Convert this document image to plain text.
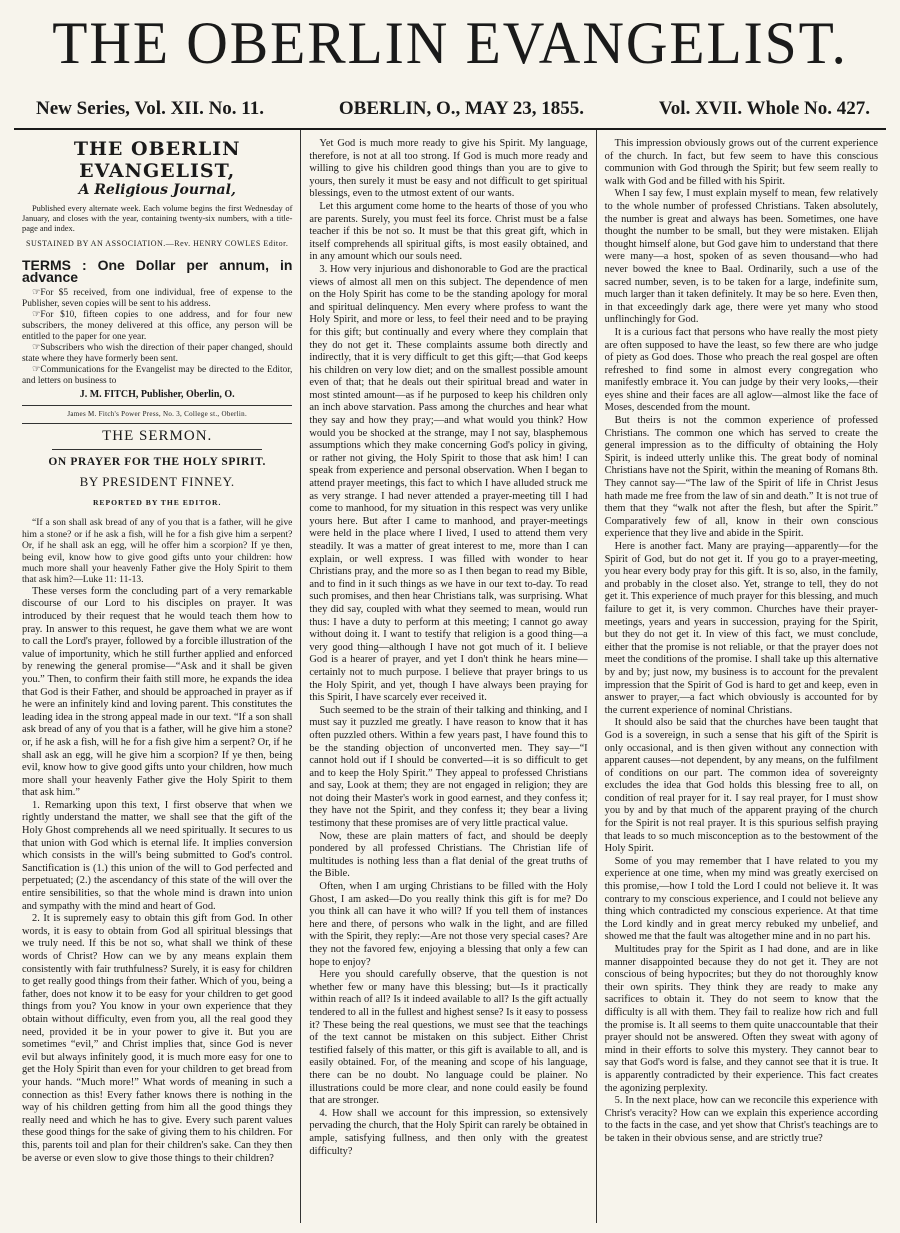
THE OBERLIN EVANGELIST.
New Series, Vol. XII. No. 11.	OBERLIN, O., MAY 23, 1855.	Vol. XVII. Whole No. 427.
THE OBERLIN EVANGELIST,
A Religious Journal,

Published every alternate week. Each volume begins the first Wednesday of January, and closes with the year, containing twenty-six numbers, with a title-page and index.

SUSTAINED BY AN ASSOCIATION.—Rev. HENRY COWLES Editor.
TERMS : One Dollar per annum, in advance

☞For $5 received, from one individual, free of expense to the Publisher, seven copies will be sent to his address.

☞For $10, fifteen copies to one address, and for four new subscribers, the money delivered at this office, any person will be entitled to the paper for one year.

☞Subscribers who wish the direction of their paper changed, should state where they have formerly been sent.

☞Communications for the Evangelist may be directed to the Editor, and letters on business to

J. M. FITCH, Publisher, Oberlin, O.
James M. Fitch's Power Press, No. 3, College st., Oberlin.
THE SERMON.
ON PRAYER FOR THE HOLY SPIRIT.
BY PRESIDENT FINNEY.
REPORTED BY THE EDITOR.

“If a son shall ask bread of any of you that is a father, will he give him a stone? or if he ask a fish, will he for a fish give him a serpent? Or, if he shall ask an egg, will he offer him a scorpion? If ye then, being evil, know how to give good gifts unto your children: how much more shall your heavenly Father give the Holy Spirit to them that ask him?—Luke 11: 11-13.

These verses form the concluding part of a very remarkable discourse of our Lord to his disciples on prayer. It was introduced by their request that he would teach them how to pray. In answer to this request, he gave them what we are wont to call the Lord's prayer, followed by a forcible illustration of the value of importunity, which he still further applied and enforced by renewing the general promise—“Ask and it shall be given you.” Then, to confirm their faith still more, he expands the idea that God is their Father, and should be approached in prayer as if he were an infinitely kind and loving parent. This constitutes the leading idea in the strong appeal made in our text. “If a son shall ask bread of any of you that is a father, will he give him a stone? or, if he ask a fish, will he for a fish give him a serpent? Or, if he shall ask an egg, will he give him a scorpion? If ye then, being evil, know how to give good gifts unto your children, how much more shall your heavenly Father give the Holy Spirit to them that ask him.”

1. Remarking upon this text, I first observe that when we rightly understand the matter, we shall see that the gift of the Holy Ghost comprehends all we need spiritually. It secures to us that union with God which is eternal life. It implies conversion which consists in the will's being submitted to God's control. Sanctification is (1.) this union of the will to God perfected and perpetuated; (2.) the ascendancy of this state of the will over the entire sensibilities, so that the whole mind is drawn into union and sympathy with the mind and heart of God.

2. It is supremely easy to obtain this gift from God. In other words, it is easy to obtain from God all spiritual blessings that we truly need. If this be not so, what shall we think of these words of Christ? How can we by any means explain them consistently with fair truthfulness? Surely, it is easy for children to get really good things from their father. Which of you, being a father, does not know it to be easy for your children to get good things from you? You know in your own experience that they obtain without difficulty, even from you, all the real good they need, provided it be in your power to give it. But you are sometimes “evil,” and Christ implies that, since God is never evil but always infinitely good, it is much more easy for one to get the Holy Spirit than even for your children to get bread from your hands. “Much more!” What words of meaning in such a connection as this! Every father knows there is nothing in the way of his children getting from him all the good things they really need and which he has to give. Every such parent values these good things for the sake of giving them to his children. For this, parents toil and plan for their children's sake. Can they then be averse or even slow to give those things to their children?

Yet God is much more ready to give his Spirit. My language, therefore, is not at all too strong. If God is much more ready and willing to give his children good things than you are to give to yours, then surely it must be easy and not difficult to get spiritual blessings, even to the utmost extent of our wants.

Let this argument come home to the hearts of those of you who are parents. Surely, you must feel its force. Christ must be a false teacher if this be not so. It must be that this great gift, which in itself comprehends all spiritual gifts, is most easily obtained, and in any amount which our souls need.

3. How very injurious and dishonorable to God are the practical views of almost all men on this subject. The dependence of men on the Holy Spirit has come to be the standing apology for moral and spiritual delinquency. Men every where profess to want the Holy Spirit, and more or less, to feel their need and to be praying for this gift; but continually and every where they complain that they do not get it. These complaints assume both directly and indirectly, that it is very difficult to get this gift;—that God keeps his children on very low diet; and on the smallest possible amount even of that; that he deals out their spiritual bread and water in most stinted amount—as if he purposed to keep his children only an inch above starvation. Pass among the churches and hear what they say and how they pray;—and what would you think? How would you be shocked at the strange, may I not say, blasphemous assumptions which they make concerning God's policy in giving, or rather not giving, the Holy Spirit to those that ask him! I can speak from experience and personal observation. When I began to attend prayer meetings, this fact to which I have alluded struck me as very strange. I had never attended a prayer-meeting till I had come to manhood, for my situation in this respect was very unlike yours here. But after I came to manhood, and prayer-meetings were held in the place where I lived, I used to attend them very steadily. It was a matter of great interest to me, more than I can explain, or well express. I was filled with wonder to hear Christians pray, and the more so as I then began to read my Bible, and to find in it such things as we have in our text to-day. To read such promises, and then hear Christians talk, was surprising. What they did say, coupled with what they seemed to mean, would run thus: I have a duty to perform at this meeting; I cannot go away without doing it. I want to testify that religion is a good thing—a very good thing—although I have not got much of it. I believe God is a hearer of prayer, and yet I don't think he hears mine—certainly not to much purpose. I believe that prayer brings to us the Holy Spirit, and yet, though I have always been praying for this Spirit, I have scarcely ever received it.

Such seemed to be the strain of their talking and thinking, and I must say it puzzled me greatly. I have reason to know that it has often puzzled others. Within a few years past, I have found this to be the standing objection of unconverted men. They say—“I cannot hold out if I should be converted—it is so difficult to get and to keep the Holy Spirit.” They appeal to professed Christians and say, Look at them; they are not engaged in religion; they are not doing their Master's work in good earnest, and they confess it; they have not the Spirit, and they confess it; they bear a living testimony that these promises are of very little practical value.

Now, these are plain matters of fact, and should be deeply pondered by all professed Christians. The Christian life of multitudes is nothing less than a flat denial of the great truths of the Bible.

Often, when I am urging Christians to be filled with the Holy Ghost, I am asked—Do you really think this gift is for me? Do you think all can have it who will? If you tell them of instances here and there, of persons who walk in the light, and are filled with the Spirit, they reply:—Are not those very special cases? Are they not the favored few, enjoying a blessing that only a few can hope to enjoy?

Here you should carefully observe, that the question is not whether few or many have this blessing; but—Is it practically within reach of all? Is it indeed available to all? Is the gift actually tendered to all in the fullest and highest sense? Is it easy to possess it? These being the real questions, we must see that the teachings of the text cannot be mistaken on this subject. Either Christ testified falsely of this matter, or this gift is available to all, and is easily obtained. For, of the meaning and scope of his language, there can be no doubt. No language could be plainer. No illustrations could be more clear, and none could easily be found that are stronger.

4. How shall we account for this impression, so extensively pervading the church, that the Holy Spirit can rarely be obtained in ample, satisfying fullness, and then only with the greatest difficulty?

This impression obviously grows out of the current experience of the church. In fact, but few seem to have this conscious communion with God through the Spirit; but few seem really to walk with God and be filled with his Spirit.

When I say few, I must explain myself to mean, few relatively to the whole number of professed Christians. Taken absolutely, the number is great and always has been. Sometimes, one have thought the number to be small, but they were mistaken. Elijah thought himself alone, but God gave him to understand that there were many—a host, spoken of as seven thousand—who had never bowed the knee to Baal. Ordinarily, such a use of the sacred number, seven, is to be taken for a large, indefinite sum, much larger than it taken definitely. It may be so here. Even then, in that exceedingly dark age, there were yet many who stood unflinchingly for God.

It is a curious fact that persons who have really the most piety are often supposed to have the least, so few there are who judge of piety as God does. Those who preach the real gospel are often refreshed to find some in almost every congregation who manifestly embrace it. You can judge by their very looks,—their eyes shine and their faces are all aglow—almost like the face of Moses, descended from the mount.

But theirs is not the common experience of professed Christians. The common one which has served to create the general impression as to the difficulty of obtaining the Holy Spirit, is indeed utterly unlike this. The great body of nominal Christians have not the Spirit, within the meaning of Romans 8th. They cannot say—“The law of the Spirit of life in Christ Jesus hath made me free from the law of sin and death.” It is not true of them that they “walk not after the flesh, but after the Spirit.” Comparatively few of all, know in their own conscious experience that they live and abide in the Spirit.

Here is another fact. Many are praying—apparently—for the Spirit of God, but do not get it. If you go to a prayer-meeting, you hear every body pray for this gift. It is so, also, in the family, and probably in the closet also. Yet, strange to tell, they do not get it. This experience of much prayer for this blessing, and much failure to get it, is very common. Churches have their prayer-meetings, years and years in succession, praying for the Spirit, but they do not get it. In view of this fact, we must conclude, either that the promise is not reliable, or that the prayer does not meet the conditions of the promise. I shall take up this alternative by and by; just now, my business is to account for the prevalent impression that the Spirit of God is hard to get and keep, even in answer to prayer,—a fact which obviously is accounted for by the current experience of nominal Christians.

It should also be said that the churches have been taught that God is a sovereign, in such a sense that his gift of the Spirit is only occasional, and is then given without any connection with apparent causes—not dependent, by any means, on the fulfilment of conditions on our part. The common idea of sovereignty excludes the idea that God holds this blessing free to all, on condition of real prayer for it. I say real prayer, for I must show you by and by that much of the apparent praying of the church for the Spirit is not real prayer. It is this spurious selfish praying that leads to so much misconception as to the bestowment of the Holy Spirit.

Some of you may remember that I have related to you my experience at one time, when my mind was greatly exercised on this promise,—how I told the Lord I could not believe it. It was contrary to my conscious experience, and I could not believe any thing which contradicted my conscious experience. At that time the Lord kindly and in great mercy rebuked my unbelief, and showed me that the fault was altogether mine and in no part his.

Multitudes pray for the Spirit as I had done, and are in like manner disappointed because they do not get it. They are not conscious of being hypocrites; but they do not thoroughly know their own spirits. They think they are ready to make any sacrifices to obtain it. They do not seem to know that the difficulty is all with them. They fail to realize how rich and full the promise is. It all seems to them quite unaccountable that their prayer should not be answered. Often they sweat with agony of mind in their efforts to solve this mystery. They cannot bear to say that God's word is false, and they cannot see that it is true. It is apparently contradicted by their experience. This fact creates the agonizing perplexity.

5. In the next place, how can we reconcile this experience with Christ's veracity? How can we explain this experience according to the facts in the case, and yet show that Christ's teachings are to be taken in their obvious sense, and are strictly true?
